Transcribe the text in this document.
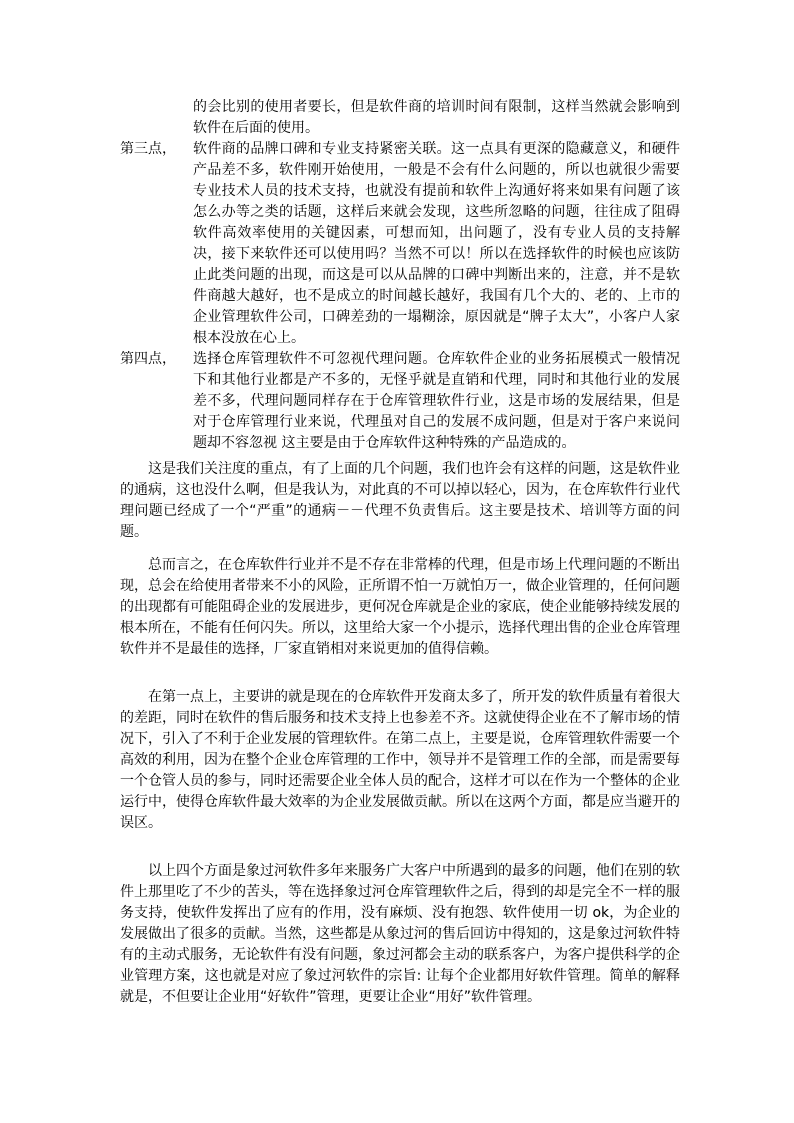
的会比别的使用者要长，但是软件商的培训时间有限制，这样当然就会影响到软件在后面的使用。
第三点，	软件商的品牌口碑和专业支持紧密关联。这一点具有更深的隐藏意义，和硬件产品差不多，软件刚开始使用，一般是不会有什么问题的，所以也就很少需要专业技术人员的技术支持，也就没有提前和软件上沟通好将来如果有问题了该怎么办等之类的话题，这样后来就会发现，这些所忽略的问题，往往成了阻碍软件高效率使用的关键因素，可想而知，出问题了，没有专业人员的支持解决，接下来软件还可以使用吗？当然不可以！所以在选择软件的时候也应该防止此类问题的出现，而这是可以从品牌的口碑中判断出来的，注意，并不是软件商越大越好，也不是成立的时间越长越好，我国有几个大的、老的、上市的企业管理软件公司，口碑差劲的一塌糊涂，原因就是“牌子太大”，小客户人家根本没放在心上。
第四点，	选择仓库管理软件不可忽视代理问题。仓库软件企业的业务拓展模式一般情况下和其他行业都是产不多的，无怪乎就是直销和代理，同时和其他行业的发展差不多，代理问题同样存在于仓库管理软件行业，这是市场的发展结果，但是对于仓库管理行业来说，代理虽对自己的发展不成问题，但是对于客户来说问题却不容忽视 这主要是由于仓库软件这种特殊的产品造成的。

这是我们关注度的重点，有了上面的几个问题，我们也许会有这样的问题，这是软件业的通病，这也没什么啊，但是我认为，对此真的不可以掉以轻心，因为，在仓库软件行业代理问题已经成了一个“严重”的通病－－代理不负责售后。这主要是技术、培训等方面的问题。

总而言之，在仓库软件行业并不是不存在非常棒的代理，但是市场上代理问题的不断出现，总会在给使用者带来不小的风险，正所谓不怕一万就怕万一，做企业管理的，任何问题的出现都有可能阻碍企业的发展进步，更何况仓库就是企业的家底，使企业能够持续发展的根本所在，不能有任何闪失。所以，这里给大家一个小提示，选择代理出售的企业仓库管理软件并不是最佳的选择，厂家直销相对来说更加的值得信赖。

在第一点上，主要讲的就是现在的仓库软件开发商太多了，所开发的软件质量有着很大的差距，同时在软件的售后服务和技术支持上也参差不齐。这就使得企业在不了解市场的情况下，引入了不利于企业发展的管理软件。在第二点上，主要是说，仓库管理软件需要一个高效的利用，因为在整个企业仓库管理的工作中，领导并不是管理工作的全部，而是需要每一个仓管人员的参与，同时还需要企业全体人员的配合，这样才可以在作为一个整体的企业运行中，使得仓库软件最大效率的为企业发展做贡献。所以在这两个方面，都是应当避开的误区。

以上四个方面是象过河软件多年来服务广大客户中所遇到的最多的问题，他们在别的软件上那里吃了不少的苦头，等在选择象过河仓库管理软件之后，得到的却是完全不一样的服务支持，使软件发挥出了应有的作用，没有麻烦、没有抱怨、软件使用一切 ok，为企业的发展做出了很多的贡献。当然，这些都是从象过河的售后回访中得知的，这是象过河软件特有的主动式服务，无论软件有没有问题，象过河都会主动的联系客户，为客户提供科学的企业管理方案，这也就是对应了象过河软件的宗旨: 让每个企业都用好软件管理。简单的解释就是，不但要让企业用“好软件”管理，更要让企业“用好”软件管理。
